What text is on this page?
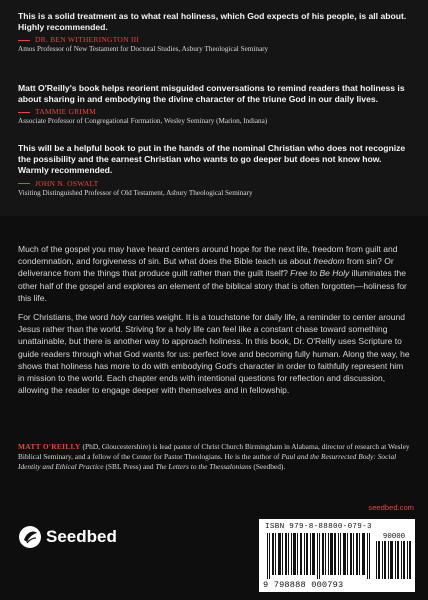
This is a solid treatment as to what real holiness, which God expects of his people, is all about. Highly recommended.
DR. BEN WITHERINGTON III
Amos Professor of New Testament for Doctoral Studies, Asbury Theological Seminary
Matt O'Reilly's book helps reorient misguided conversations to remind readers that holiness is about sharing in and embodying the divine character of the triune God in our daily lives.
TAMMIE GRIMM
Associate Professor of Congregational Formation, Wesley Seminary (Marion, Indiana)
This will be a helpful book to put in the hands of the nominal Christian who does not recognize the possibility and the earnest Christian who wants to go deeper but does not know how. Warmly recommended.
JOHN N. OSWALT
Visiting Distinguished Professor of Old Testament, Asbury Theological Seminary
Much of the gospel you may have heard centers around hope for the next life, freedom from guilt and condemnation, and forgiveness of sin. But what does the Bible teach us about freedom from sin? Or deliverance from the things that produce guilt rather than the guilt itself? Free to Be Holy illuminates the other half of the gospel and explores an element of the biblical story that is often forgotten—holiness for this life.
For Christians, the word holy carries weight. It is a touchstone for daily life, a reminder to center around Jesus rather than the world. Striving for a holy life can feel like a constant chase toward something unattainable, but there is another way to approach holiness. In this book, Dr. O'Reilly uses Scripture to guide readers through what God wants for us: perfect love and becoming fully human. Along the way, he shows that holiness has more to do with embodying God's character in order to faithfully represent him in mission to the world. Each chapter ends with intentional questions for reflection and discussion, allowing the reader to engage deeper with themselves and in fellowship.
MATT O'REILLY (PhD, Gloucestershire) is lead pastor of Christ Church Birmingham in Alabama, director of research at Wesley Biblical Seminary, and a fellow of the Center for Pastor Theologians. He is the author of Paul and the Resurrected Body: Social Identity and Ethical Practice (SBL Press) and The Letters to the Thessalonians (Seedbed).
seedbed.com
Seedbed	ISBN 979-8-88800-079-3
90000
9 798888 000793
